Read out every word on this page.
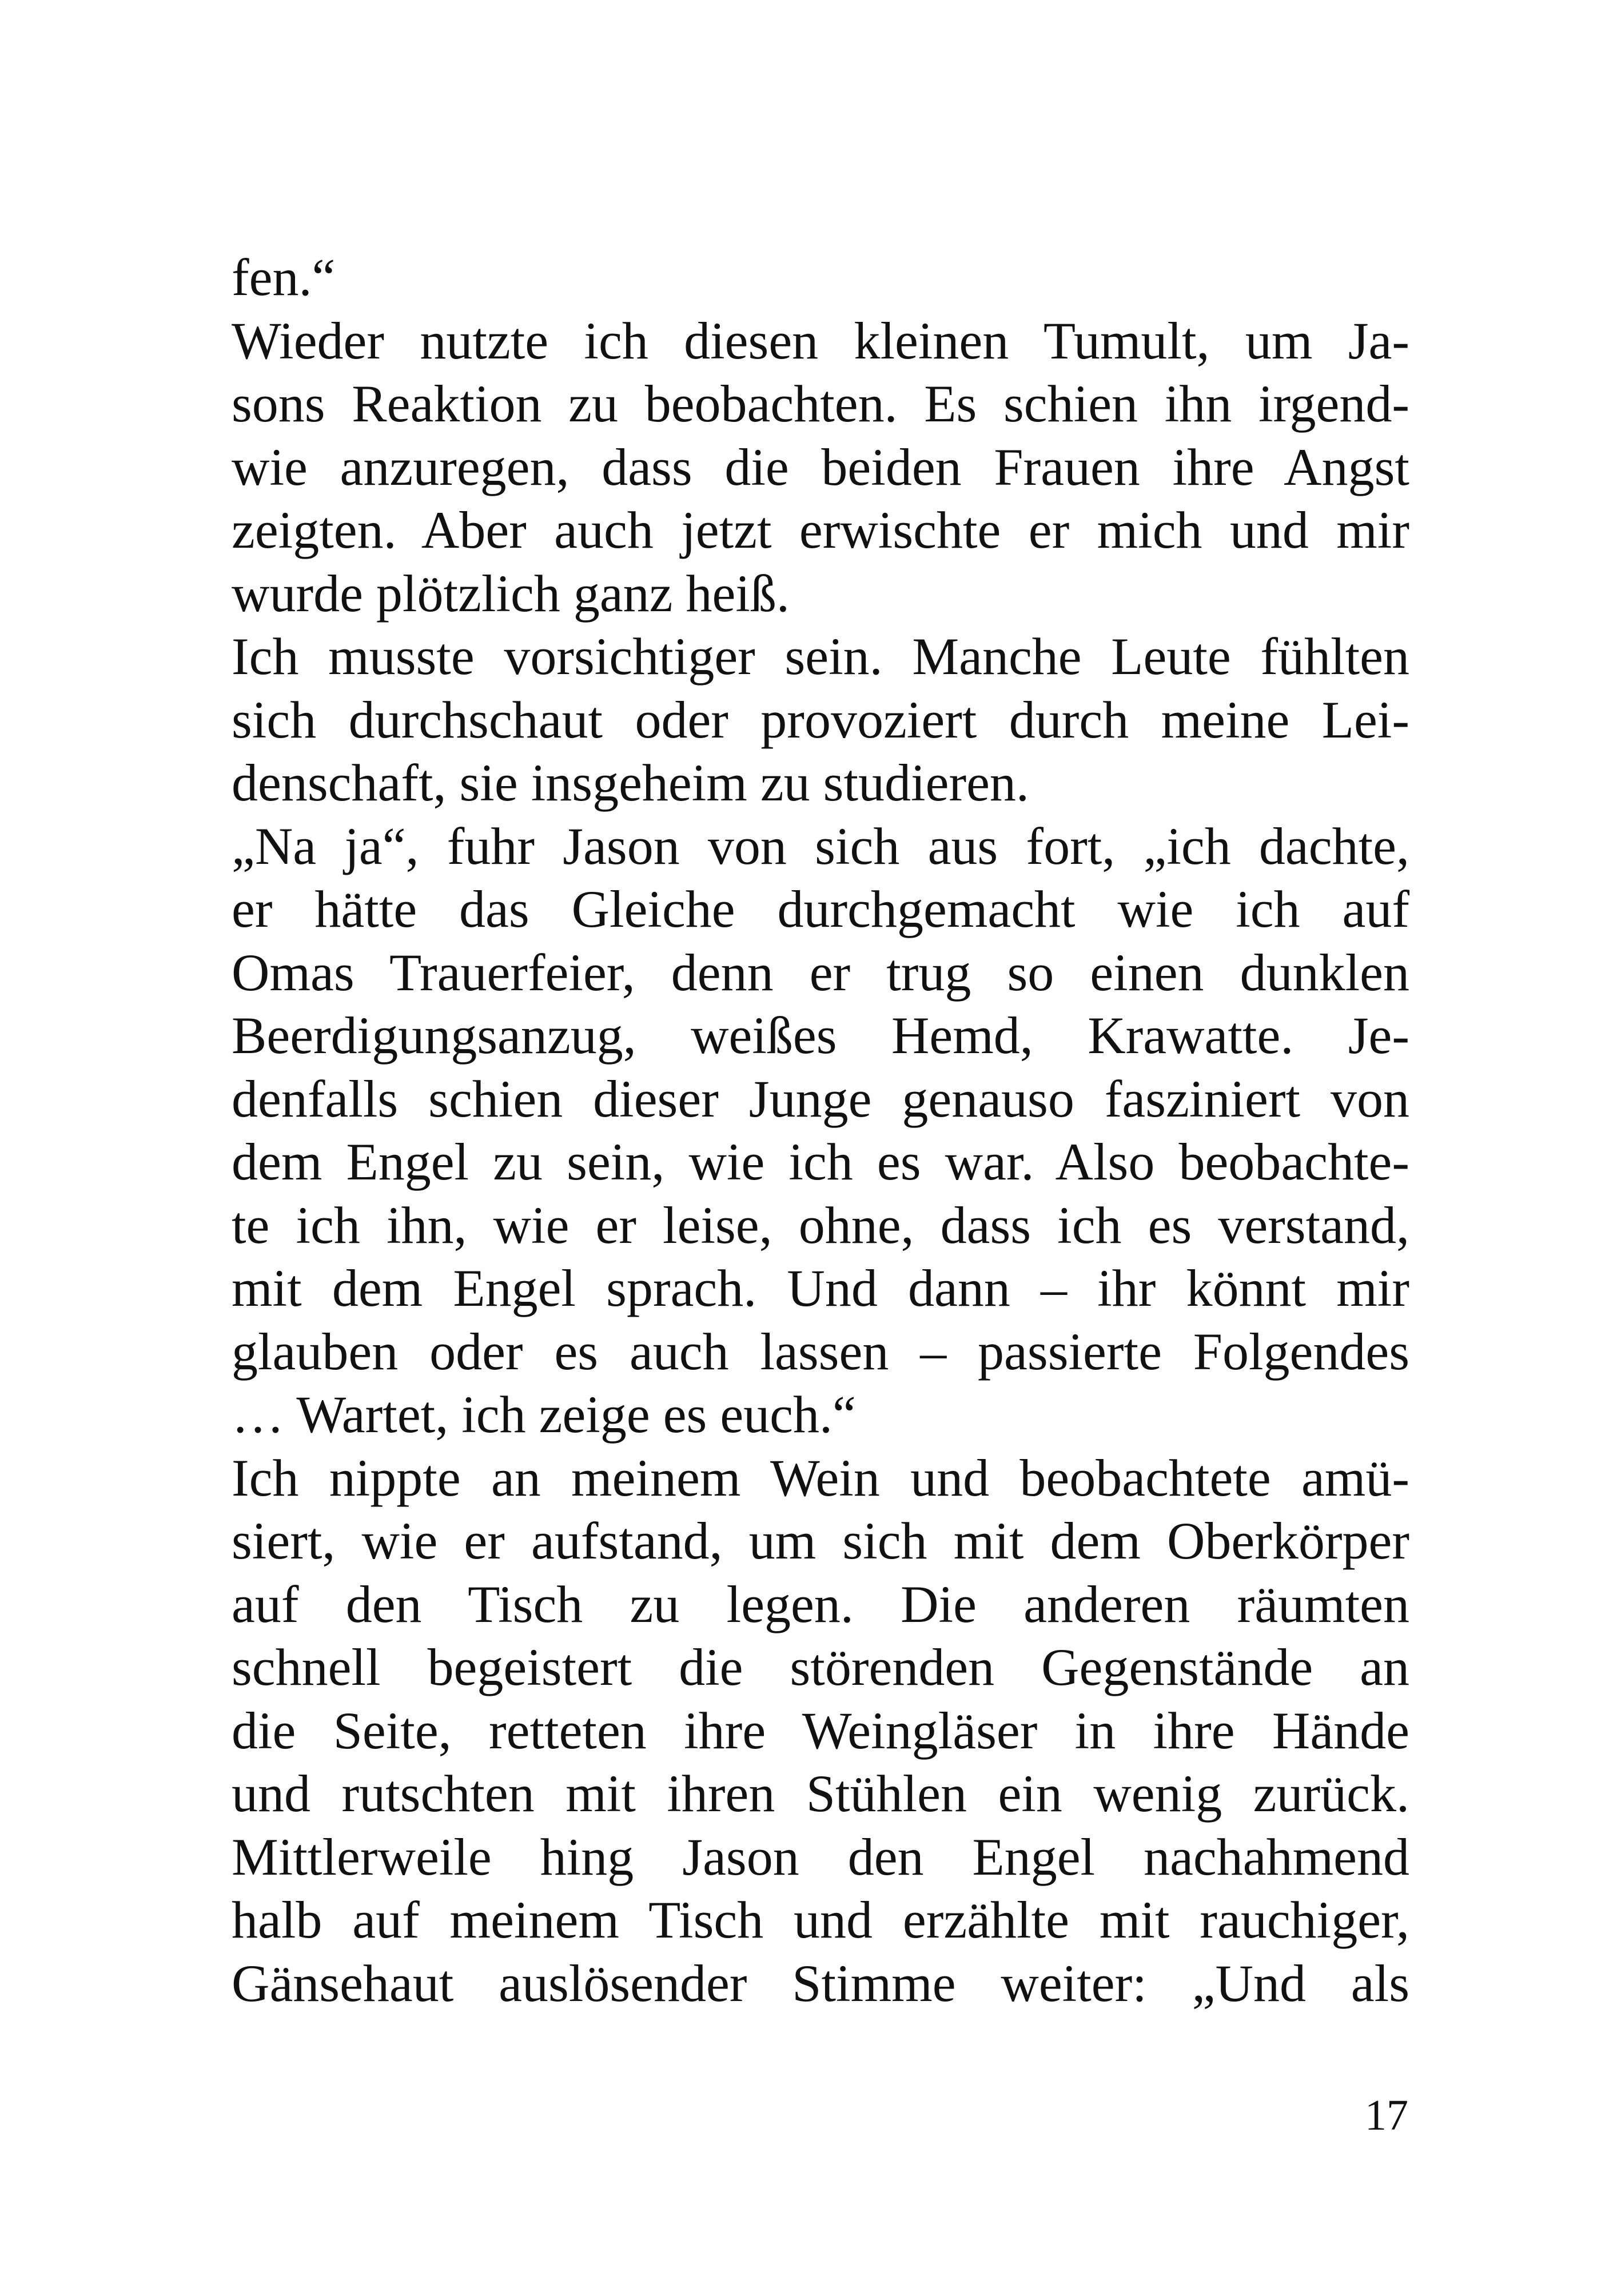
fen.“
Wieder nutzte ich diesen kleinen Tumult, um Ja-
sons Reaktion zu beobachten. Es schien ihn irgend-
wie anzuregen, dass die beiden Frauen ihre Angst
zeigten. Aber auch jetzt erwischte er mich und mir
wurde plötzlich ganz heiß.
Ich musste vorsichtiger sein. Manche Leute fühlten
sich durchschaut oder provoziert durch meine Lei-
denschaft, sie insgeheim zu studieren.
„Na ja“, fuhr Jason von sich aus fort, „ich dachte,
er hätte das Gleiche durchgemacht wie ich auf
Omas Trauerfeier, denn er trug so einen dunklen
Beerdigungsanzug, weißes Hemd, Krawatte. Je-
denfalls schien dieser Junge genauso fasziniert von
dem Engel zu sein, wie ich es war. Also beobachte-
te ich ihn, wie er leise, ohne, dass ich es verstand,
mit dem Engel sprach. Und dann – ihr könnt mir
glauben oder es auch lassen – passierte Folgendes
… Wartet, ich zeige es euch.“
Ich nippte an meinem Wein und beobachtete amü-
siert, wie er aufstand, um sich mit dem Oberkörper
auf den Tisch zu legen. Die anderen räumten
schnell begeistert die störenden Gegenstände an
die Seite, retteten ihre Weingläser in ihre Hände
und rutschten mit ihren Stühlen ein wenig zurück.
Mittlerweile hing Jason den Engel nachahmend
halb auf meinem Tisch und erzählte mit rauchiger,
Gänsehaut auslösender Stimme weiter: „Und als
17
